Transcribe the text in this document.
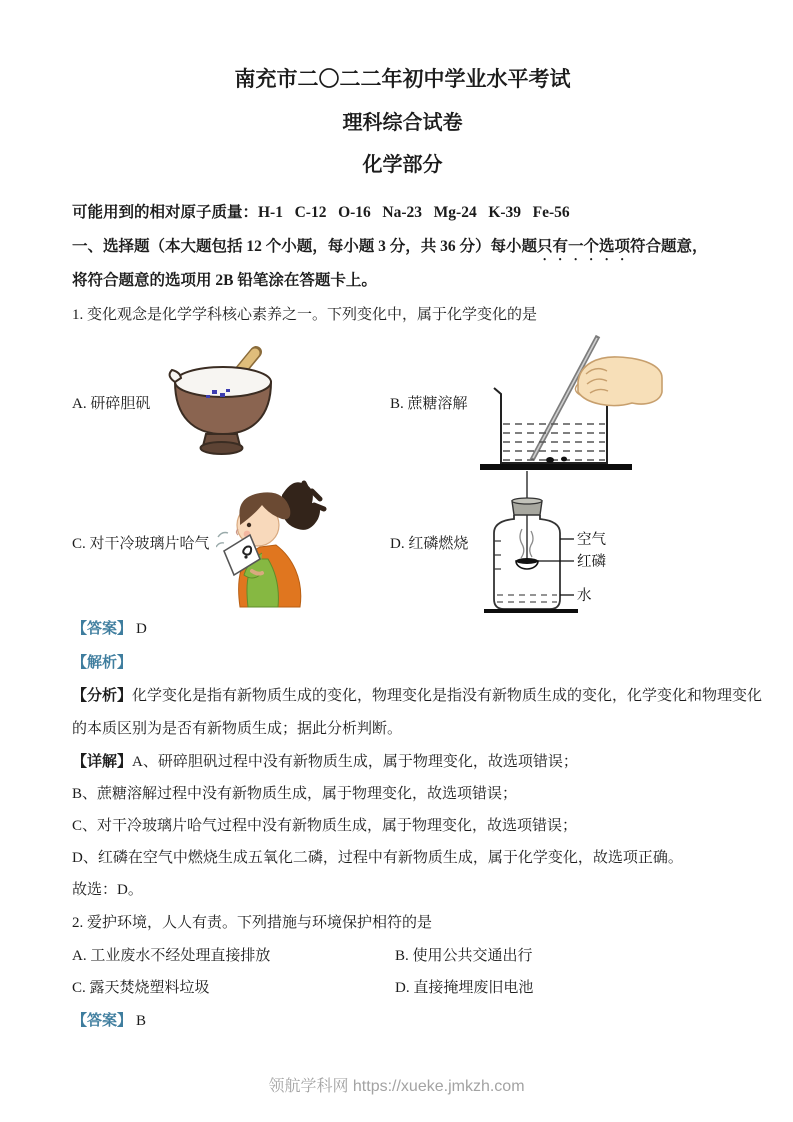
南充市二〇二二年初中学业水平考试

理科综合试卷

化学部分

可能用到的相对原子质量：H-1   C-12   O-16   Na-23   Mg-24   K-39   Fe-56
一、选择题（本大题包括 12 个小题，每小题 3 分，共 36 分）每小题只有一个选项符合题意，
将符合题意的选项用 2B 铅笔涂在答题卡上。
1. 变化观念是化学学科核心素养之一。下列变化中，属于化学变化的是
A. 研碎胆矾	B. 蔗糖溶解
C. 对干冷玻璃片哈气	D. 红磷燃烧	空气
红磷
水
【答案】 D
【解析】
【分析】化学变化是指有新物质生成的变化，物理变化是指没有新物质生成的变化，化学变化和物理变化
的本质区别为是否有新物质生成；据此分析判断。
【详解】A、研碎胆矾过程中没有新物质生成，属于物理变化，故选项错误；
B、蔗糖溶解过程中没有新物质生成，属于物理变化，故选项错误；
C、对干冷玻璃片哈气过程中没有新物质生成，属于物理变化，故选项错误；
D、红磷在空气中燃烧生成五氧化二磷，过程中有新物质生成，属于化学变化，故选项正确。
故选：D。
2. 爱护环境，人人有责。下列措施与环境保护相符的是
A. 工业废水不经处理直接排放	B. 使用公共交通出行
C. 露天焚烧塑料垃圾	D. 直接掩埋废旧电池
【答案】 B
领航学科网 https://xueke.jmkzh.com
